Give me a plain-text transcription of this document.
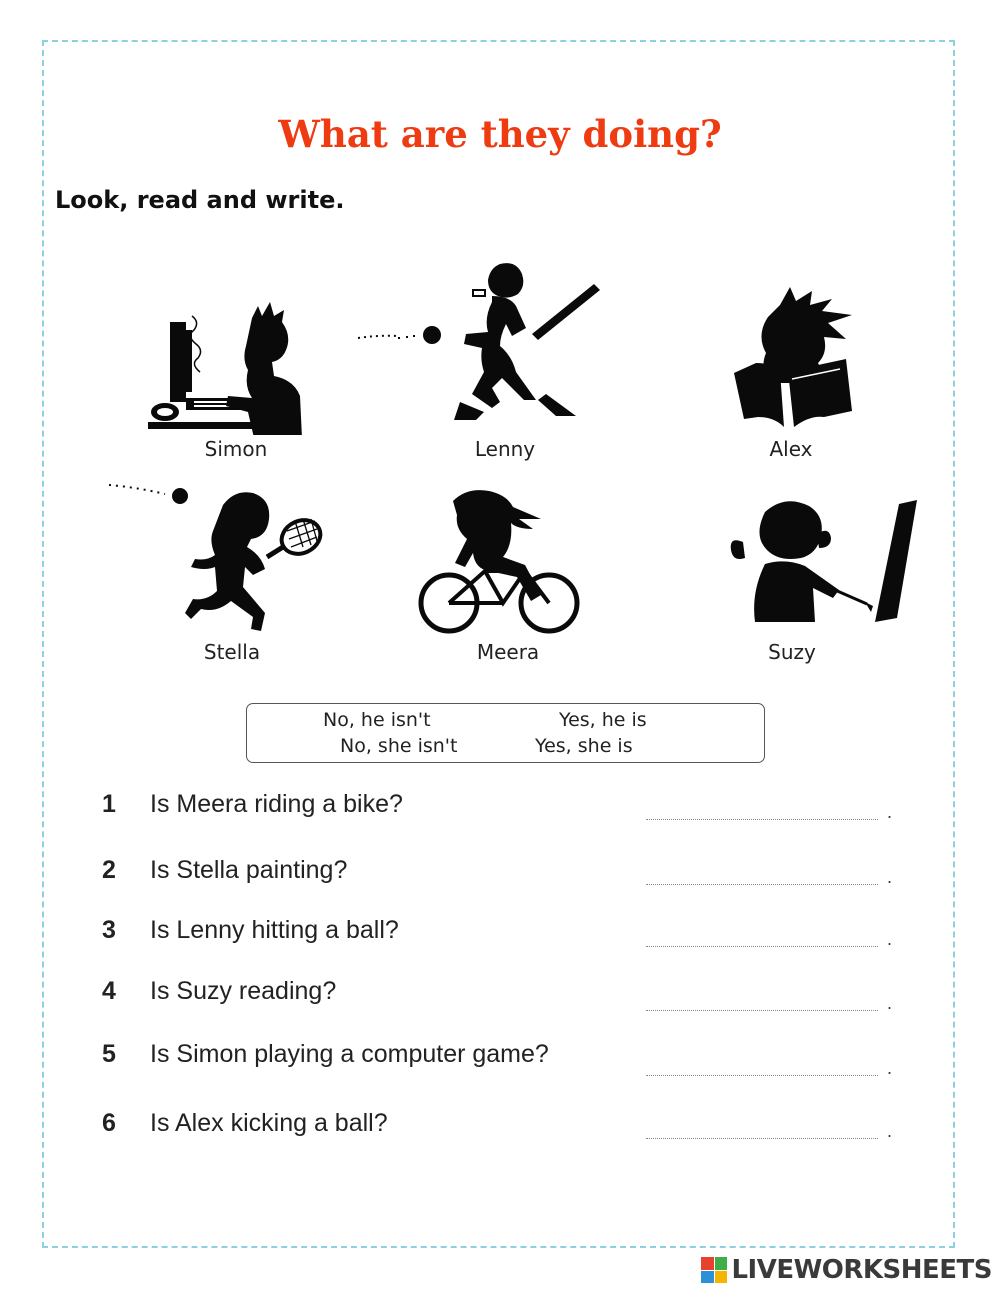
What are they doing?
Look, read and write.
Simon	Lenny	Alex
Stella	Meera	Suzy
No, he isn't	Yes, he is
No, she isn't	Yes, she is
1 Is Meera riding a bike?	.
2 Is Stella painting?	.
3 Is Lenny hitting a ball?	.
4 Is Suzy reading?	.
5 Is Simon playing a computer game?	.
6 Is Alex kicking a ball?	.
LIVEWORKSHEETS
